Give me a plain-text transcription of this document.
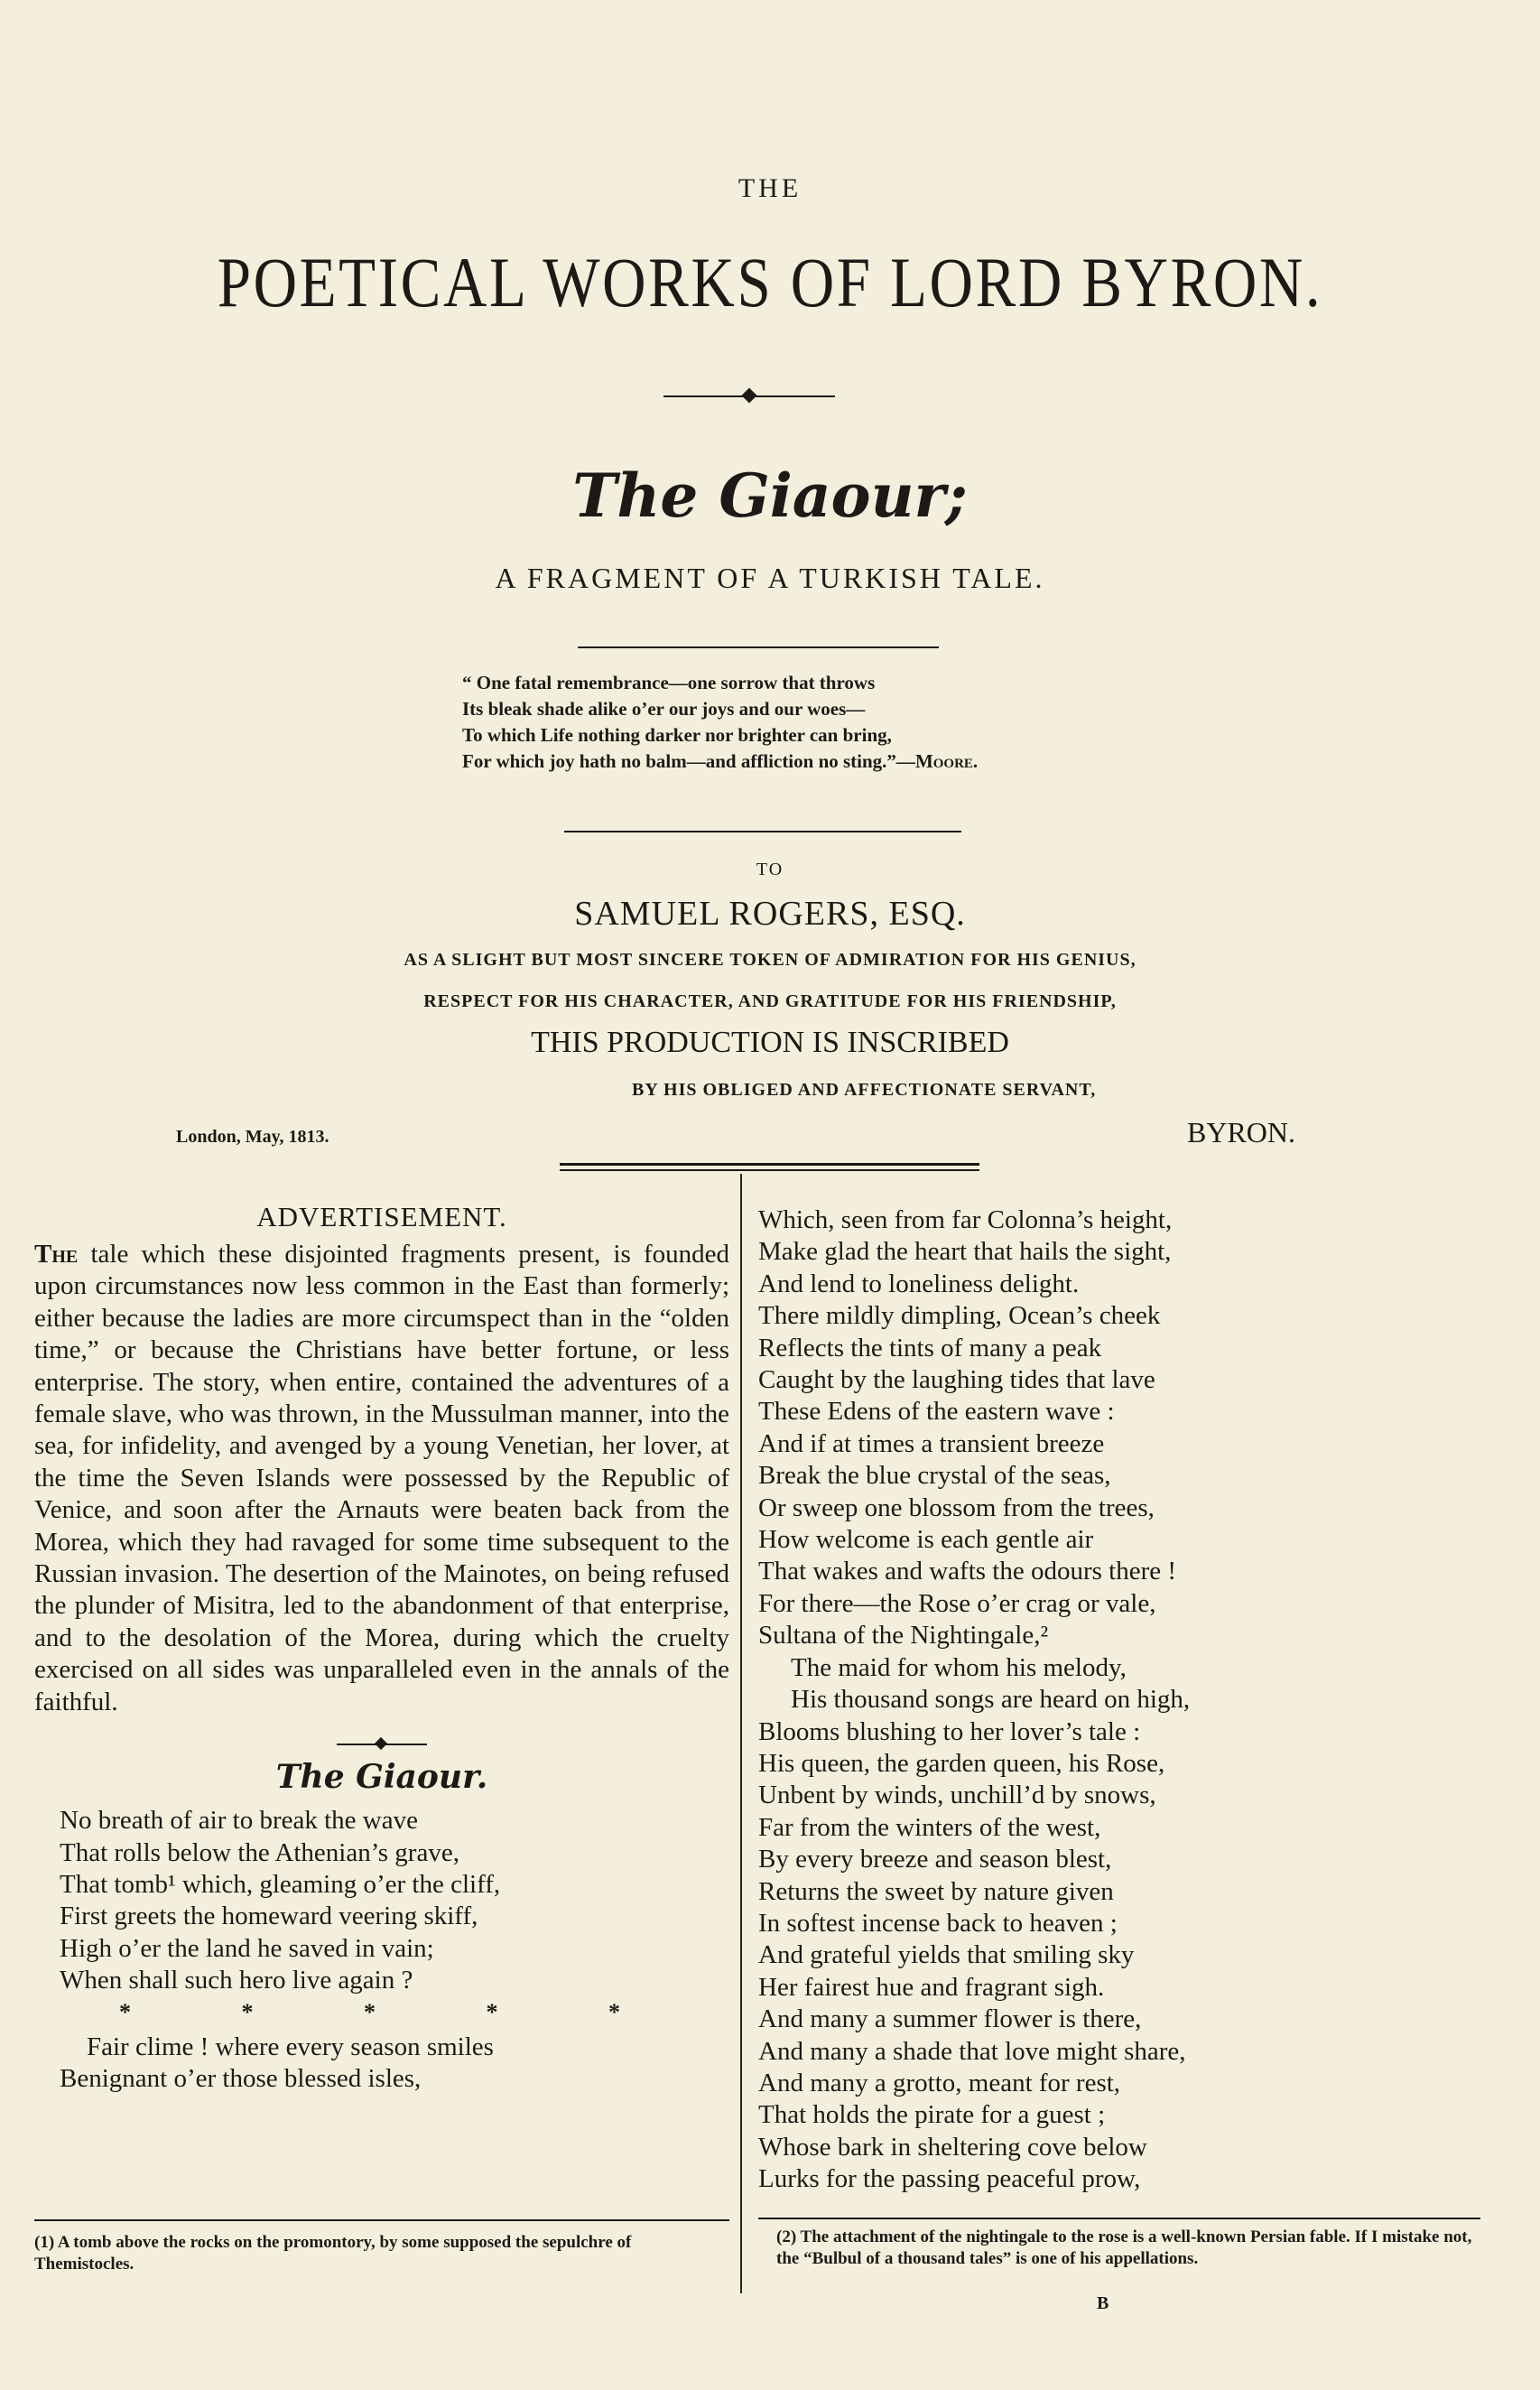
THE
POETICAL WORKS OF LORD BYRON.
The Giaour;
A FRAGMENT OF A TURKISH TALE.
“ One fatal remembrance—one sorrow that throws
Its bleak shade alike o’er our joys and our woes—
To which Life nothing darker nor brighter can bring,
For which joy hath no balm—and affliction no sting.”—Moore.
TO
SAMUEL ROGERS, ESQ.
AS A SLIGHT BUT MOST SINCERE TOKEN OF ADMIRATION FOR HIS GENIUS,
RESPECT FOR HIS CHARACTER, AND GRATITUDE FOR HIS FRIENDSHIP,
THIS PRODUCTION IS INSCRIBED
BY HIS OBLIGED AND AFFECTIONATE SERVANT,
London, May, 1813.	BYRON.
ADVERTISEMENT.
The tale which these disjointed fragments present, is founded upon circumstances now less common in the East than formerly; either because the ladies are more circumspect than in the “olden time,” or because the Christians have better fortune, or less enterprise. The story, when entire, contained the adventures of a female slave, who was thrown, in the Mussulman manner, into the sea, for infidelity, and avenged by a young Venetian, her lover, at the time the Seven Islands were possessed by the Republic of Venice, and soon after the Arnauts were beaten back from the Morea, which they had ravaged for some time subsequent to the Russian invasion. The desertion of the Mainotes, on being refused the plunder of Misitra, led to the abandonment of that enterprise, and to the desolation of the Morea, during which the cruelty exercised on all sides was unparalleled even in the annals of the faithful.
The Giaour.
No breath of air to break the wave
That rolls below the Athenian’s grave,
That tomb¹ which, gleaming o’er the cliff,
First greets the homeward veering skiff,
High o’er the land he saved in vain;
When shall such hero live again ?
* * * * *
Fair clime ! where every season smiles
Benignant o’er those blessed isles,
Which, seen from far Colonna’s height,
Make glad the heart that hails the sight,
And lend to loneliness delight.
There mildly dimpling, Ocean’s cheek
Reflects the tints of many a peak
Caught by the laughing tides that lave
These Edens of the eastern wave :
And if at times a transient breeze
Break the blue crystal of the seas,
Or sweep one blossom from the trees,
How welcome is each gentle air
That wakes and wafts the odours there !
For there—the Rose o’er crag or vale,
Sultana of the Nightingale,²
The maid for whom his melody,
His thousand songs are heard on high,
Blooms blushing to her lover’s tale :
His queen, the garden queen, his Rose,
Unbent by winds, unchill’d by snows,
Far from the winters of the west,
By every breeze and season blest,
Returns the sweet by nature given
In softest incense back to heaven ;
And grateful yields that smiling sky
Her fairest hue and fragrant sigh.
And many a summer flower is there,
And many a shade that love might share,
And many a grotto, meant for rest,
That holds the pirate for a guest ;
Whose bark in sheltering cove below
Lurks for the passing peaceful prow,
(1) A tomb above the rocks on the promontory, by some supposed the sepulchre of Themistocles.
(2) The attachment of the nightingale to the rose is a well-known Persian fable. If I mistake not, the “Bulbul of a thousand tales” is one of his appellations.
B
